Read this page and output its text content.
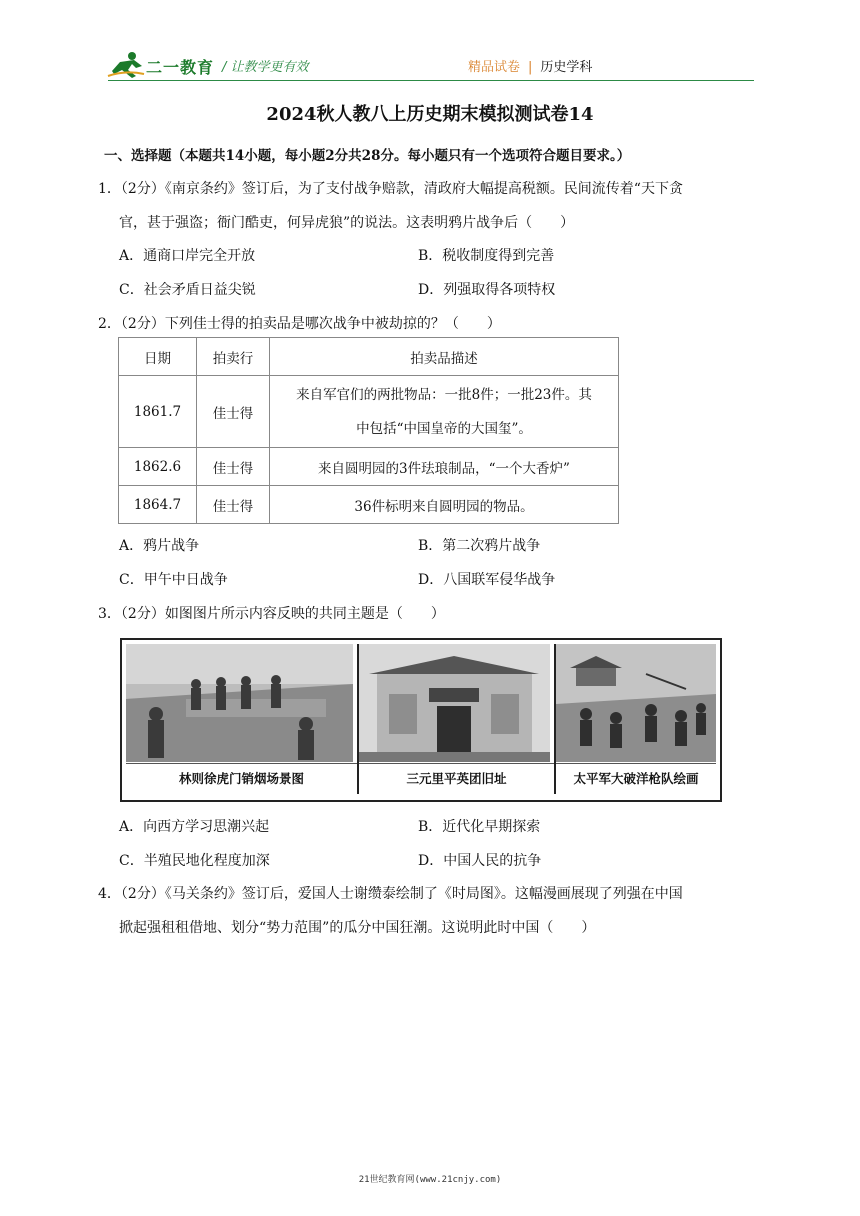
二一教育 / 让教学更有效	精品试卷 | 历史学科
2024秋人教八上历史期末模拟测试卷14
一、选择题（本题共14小题，每小题2分共28分。每小题只有一个选项符合题目要求。）
1．（2分）《南京条约》签订后，为了支付战争赔款，清政府大幅提高税额。民间流传着“天下贪
官，甚于强盗；衙门酷吏，何异虎狼”的说法。这表明鸦片战争后（　　）
A．通商口岸完全开放	B．税收制度得到完善
C．社会矛盾日益尖锐	D．列强取得各项特权
2．（2分）下列佳士得的拍卖品是哪次战争中被劫掠的？（　　）
日期	拍卖行	拍卖品描述
1861.7	佳士得	来自军官们的两批物品：一批8件；一批23件。其
中包括“中国皇帝的大国玺”。

1862.6	佳士得	来自圆明园的3件珐琅制品，“一个大香炉”
1864.7	佳士得	36件标明来自圆明园的物品。
A．鸦片战争	B．第二次鸦片战争
C．甲午中日战争	D．八国联军侵华战争
3．（2分）如图图片所示内容反映的共同主题是（　　）
林则徐虎门销烟场景图	三元里平英团旧址	太平军大破洋枪队绘画
A．向西方学习思潮兴起	B．近代化早期探索
C．半殖民地化程度加深	D．中国人民的抗争
4．（2分）《马关条约》签订后，爱国人士谢缵泰绘制了《时局图》。这幅漫画展现了列强在中国
掀起强租租借地、划分“势力范围”的瓜分中国狂潮。这说明此时中国（　　）
21世纪教育网(www.21cnjy.com)
